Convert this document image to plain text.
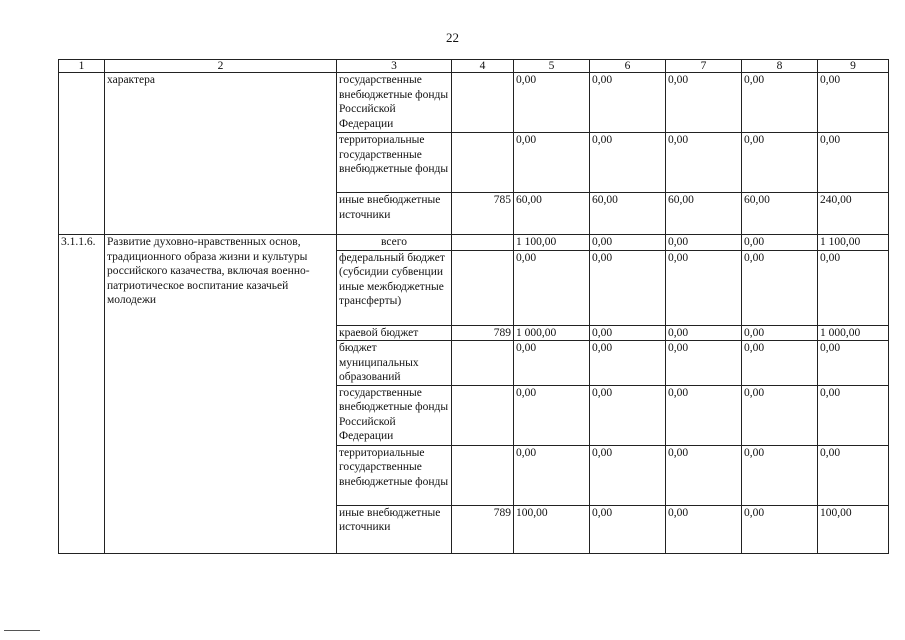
22
1	2	3	4	5	6	7	8	9
	характера	государственные внебюджетные фонды Российской Федерации		0,00	0,00	0,00	0,00	0,00
		территориальные государственные внебюджетные фонды		0,00	0,00	0,00	0,00	0,00
		иные внебюджетные источники	785	60,00	60,00	60,00	60,00	240,00
3.1.1.6.	Развитие духовно-нравственных основ, традиционного образа жизни и культуры российского казачества, включая военно-патриотическое воспитание казачьей молодежи	всего		1 100,00	0,00	0,00	0,00	1 100,00
		федеральный бюджет (субсидии субвенции иные межбюджетные трансферты)		0,00	0,00	0,00	0,00	0,00
		краевой бюджет	789	1 000,00	0,00	0,00	0,00	1 000,00
		бюджет муниципальных образований		0,00	0,00	0,00	0,00	0,00
		государственные внебюджетные фонды Российской Федерации		0,00	0,00	0,00	0,00	0,00
		территориальные государственные внебюджетные фонды		0,00	0,00	0,00	0,00	0,00
		иные внебюджетные источники	789	100,00	0,00	0,00	0,00	100,00
